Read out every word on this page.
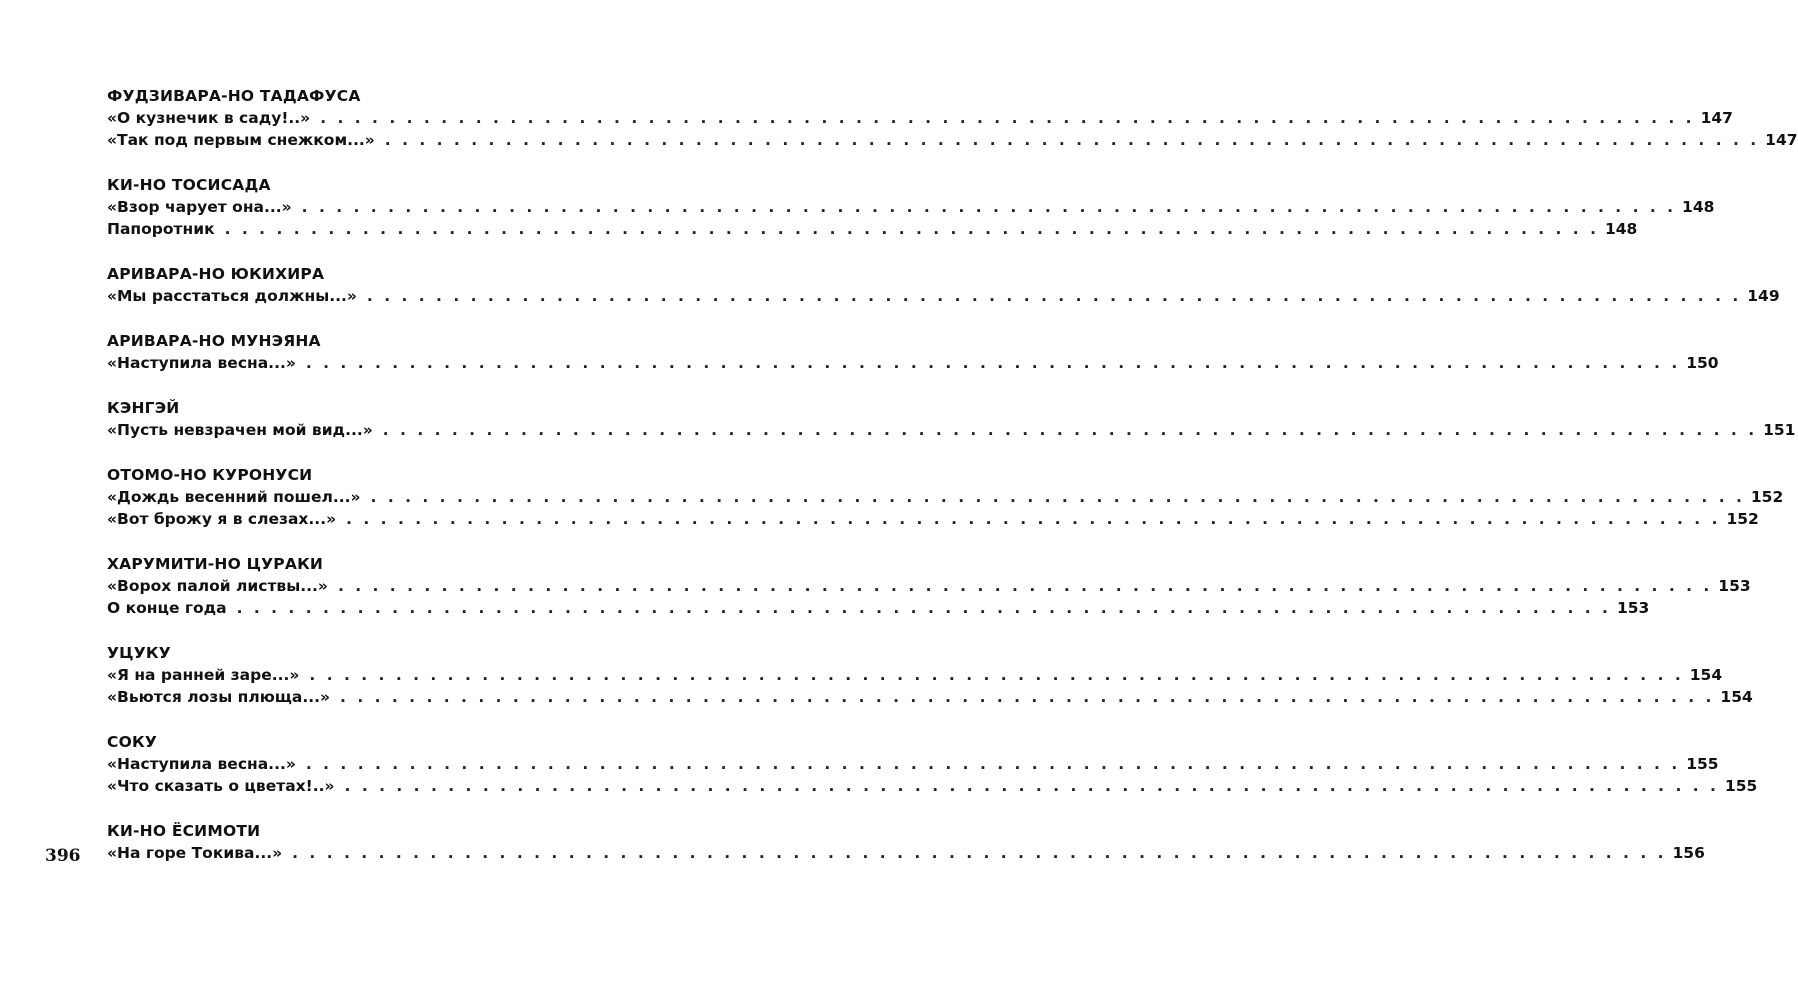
ФУДЗИВАРА-НО ТАДАФУСА
«О кузнечик в саду!..» . . . . . . . . . . . . . . . . . . . . . . . . . . . . . . . . . . . . . . . . . . . . . . . . . . . . . . . . . . . . . . . . . . . . . . . . . . . . . . . . 147
«Так под первым снежком...» . . . . . . . . . . . . . . . . . . . . . . . . . . . . . . . . . . . . . . . . . . . . . . . . . . . . . . . . . . . . . . . . . . . . . . . . . . . . . . . . 147
КИ-НО ТОСИСАДА
«Взор чарует она...» . . . . . . . . . . . . . . . . . . . . . . . . . . . . . . . . . . . . . . . . . . . . . . . . . . . . . . . . . . . . . . . . . . . . . . . . . . . . . . . . 148
Папоротник . . . . . . . . . . . . . . . . . . . . . . . . . . . . . . . . . . . . . . . . . . . . . . . . . . . . . . . . . . . . . . . . . . . . . . . . . . . . . . . . 148
АРИВАРА-НО ЮКИХИРА
«Мы расстаться должны...» . . . . . . . . . . . . . . . . . . . . . . . . . . . . . . . . . . . . . . . . . . . . . . . . . . . . . . . . . . . . . . . . . . . . . . . . . . . . . . . . 149
АРИВАРА-НО МУНЭЯНА
«Наступила весна...» . . . . . . . . . . . . . . . . . . . . . . . . . . . . . . . . . . . . . . . . . . . . . . . . . . . . . . . . . . . . . . . . . . . . . . . . . . . . . . . . 150
КЭНГЭЙ
«Пусть невзрачен мой вид...» . . . . . . . . . . . . . . . . . . . . . . . . . . . . . . . . . . . . . . . . . . . . . . . . . . . . . . . . . . . . . . . . . . . . . . . . . . . . . . . . 151
ОТОМО-НО КУРОНУСИ
«Дождь весенний пошел...» . . . . . . . . . . . . . . . . . . . . . . . . . . . . . . . . . . . . . . . . . . . . . . . . . . . . . . . . . . . . . . . . . . . . . . . . . . . . . . . . 152
«Вот брожу я в слезах...» . . . . . . . . . . . . . . . . . . . . . . . . . . . . . . . . . . . . . . . . . . . . . . . . . . . . . . . . . . . . . . . . . . . . . . . . . . . . . . . . 152
ХАРУМИТИ-НО ЦУРАКИ
«Ворох палой листвы...» . . . . . . . . . . . . . . . . . . . . . . . . . . . . . . . . . . . . . . . . . . . . . . . . . . . . . . . . . . . . . . . . . . . . . . . . . . . . . . . . 153
О конце года . . . . . . . . . . . . . . . . . . . . . . . . . . . . . . . . . . . . . . . . . . . . . . . . . . . . . . . . . . . . . . . . . . . . . . . . . . . . . . . . 153
УЦУКУ
«Я на ранней заре...» . . . . . . . . . . . . . . . . . . . . . . . . . . . . . . . . . . . . . . . . . . . . . . . . . . . . . . . . . . . . . . . . . . . . . . . . . . . . . . . . 154
«Вьются лозы плюща...» . . . . . . . . . . . . . . . . . . . . . . . . . . . . . . . . . . . . . . . . . . . . . . . . . . . . . . . . . . . . . . . . . . . . . . . . . . . . . . . . 154
СОКУ
«Наступила весна...» . . . . . . . . . . . . . . . . . . . . . . . . . . . . . . . . . . . . . . . . . . . . . . . . . . . . . . . . . . . . . . . . . . . . . . . . . . . . . . . . 155
«Что сказать о цветах!..» . . . . . . . . . . . . . . . . . . . . . . . . . . . . . . . . . . . . . . . . . . . . . . . . . . . . . . . . . . . . . . . . . . . . . . . . . . . . . . . . 155
КИ-НО ЁСИМОТИ
«На горе Токива...» . . . . . . . . . . . . . . . . . . . . . . . . . . . . . . . . . . . . . . . . . . . . . . . . . . . . . . . . . . . . . . . . . . . . . . . . . . . . . . . . 156
396
